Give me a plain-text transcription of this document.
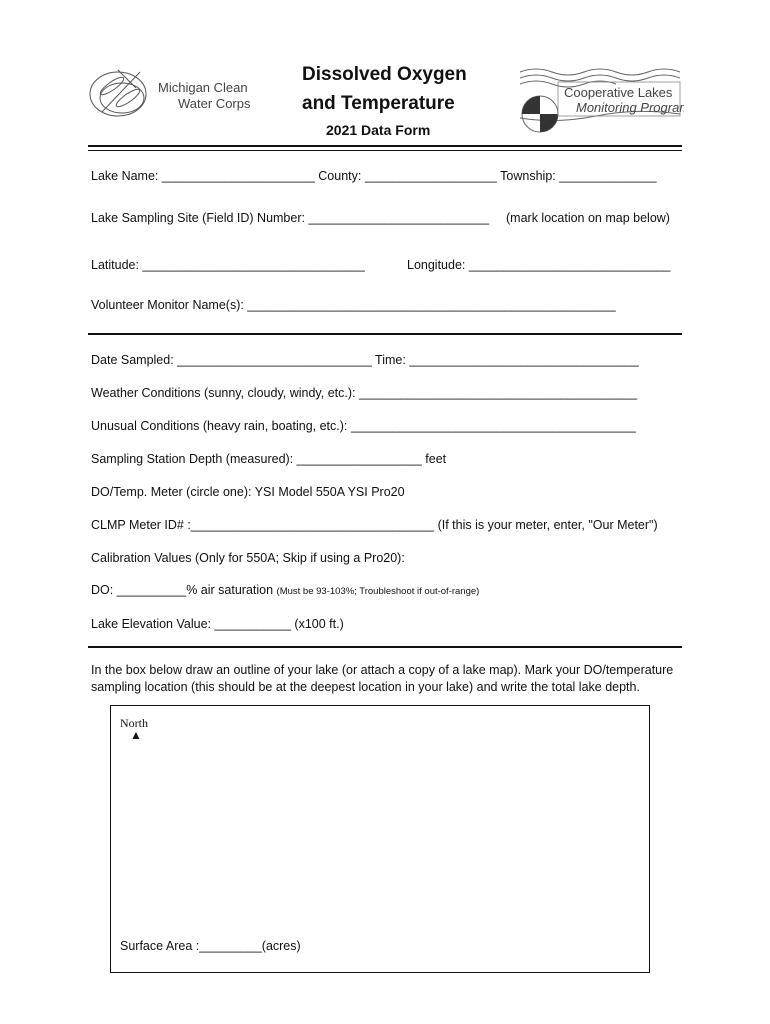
Michigan Clean
Water Corps
Dissolved Oxygen
and Temperature
2021 Data Form
Cooperative Lakes
Monitoring Program
Lake Name: ______________________ County: ___________________ Township: ______________
Lake Sampling Site (Field ID) Number: __________________________ (mark location on map below)
Latitude: ________________________________	Longitude: _____________________________
Volunteer Monitor Name(s): _____________________________________________________
Date Sampled: ____________________________ Time: _________________________________
Weather Conditions (sunny, cloudy, windy, etc.): ________________________________________
Unusual Conditions (heavy rain, boating, etc.): _________________________________________
Sampling Station Depth (measured): __________________ feet
DO/Temp. Meter (circle one): YSI Model 550A YSI Pro20
CLMP Meter ID# :___________________________________ (If this is your meter, enter, "Our Meter")
Calibration Values (Only for 550A; Skip if using a Pro20):
DO: __________% air saturation (Must be 93-103%; Troubleshoot if out-of-range)
Lake Elevation Value: ___________ (x100 ft.)
In the box below draw an outline of your lake (or attach a copy of a lake map). Mark your DO/temperature sampling location (this should be at the deepest location in your lake) and write the total lake depth.
North
▲
Surface Area :_________(acres)
